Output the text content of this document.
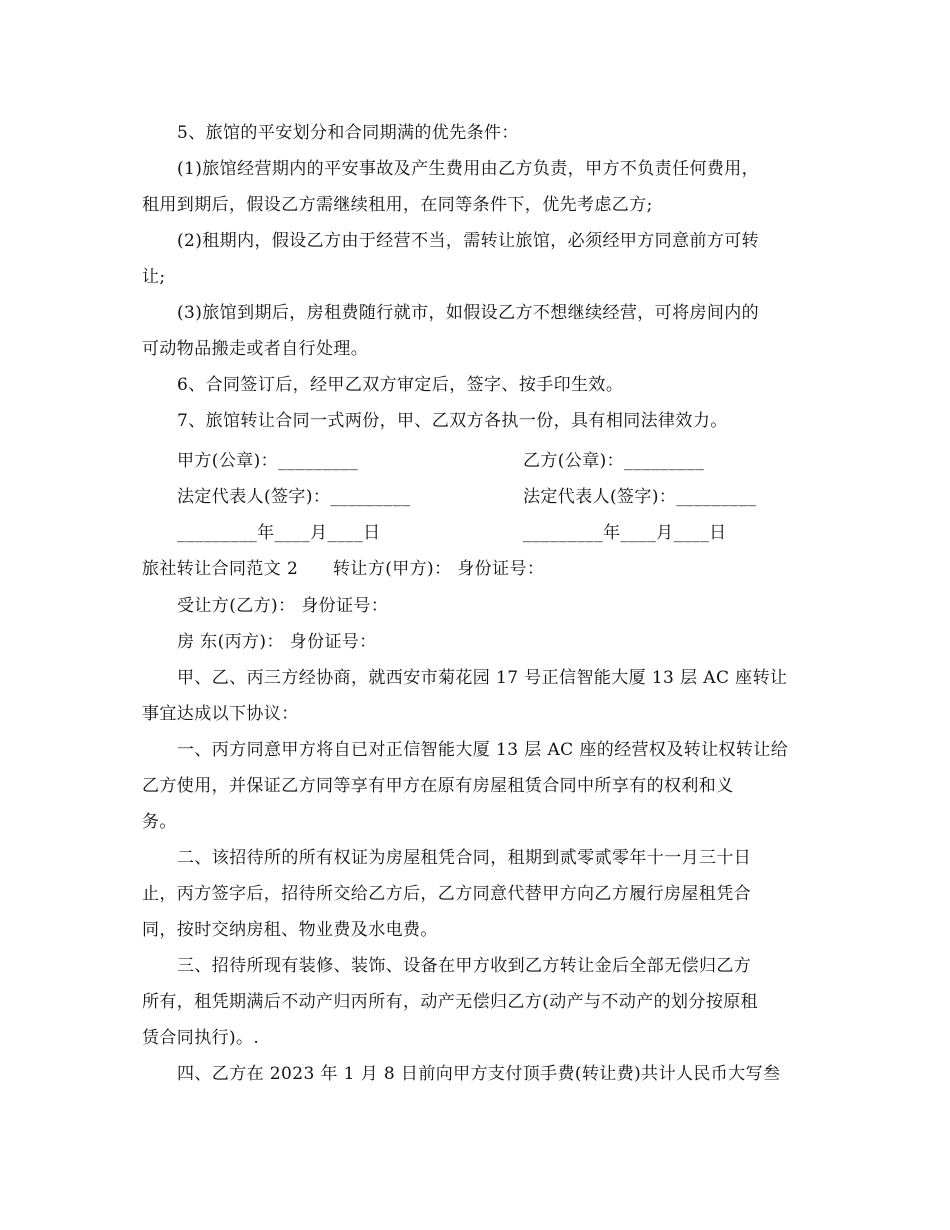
5、旅馆的平安划分和合同期满的优先条件：
(1)旅馆经营期内的平安事故及产生费用由乙方负责，甲方不负责任何费用，
租用到期后，假设乙方需继续租用，在同等条件下，优先考虑乙方;
(2)租期内，假设乙方由于经营不当，需转让旅馆，必须经甲方同意前方可转
让;
(3)旅馆到期后，房租费随行就市，如假设乙方不想继续经营，可将房间内的
可动物品搬走或者自行处理。
6、合同签订后，经甲乙双方审定后，签字、按手印生效。
7、旅馆转让合同一式两份，甲、乙双方各执一份，具有相同法律效力。
甲方(公章)：_________	乙方(公章)：_________
法定代表人(签字)：_________	法定代表人(签字)：_________
_________年____月____日	_________年____月____日
旅社转让合同范文 2　　转让方(甲方)： 身份证号：
受让方(乙方)： 身份证号：
房 东(丙方)： 身份证号：
甲、乙、丙三方经协商，就西安市菊花园 17 号正信智能大厦 13 层 AC 座转让
事宜达成以下协议：
一、丙方同意甲方将自已对正信智能大厦 13 层 AC 座的经营权及转让权转让给
乙方使用，并保证乙方同等享有甲方在原有房屋租赁合同中所享有的权利和义
务。
二、该招待所的所有权证为房屋租凭合同，租期到贰零贰零年十一月三十日
止，丙方签字后，招待所交给乙方后，乙方同意代替甲方向乙方履行房屋租凭合
同，按时交纳房租、物业费及水电费。
三、招待所现有装修、装饰、设备在甲方收到乙方转让金后全部无偿归乙方
所有，租凭期满后不动产归丙所有，动产无偿归乙方(动产与不动产的划分按原租
赁合同执行)。.
四、乙方在 2023 年 1 月 8 日前向甲方支付顶手费(转让费)共计人民币大写叁
